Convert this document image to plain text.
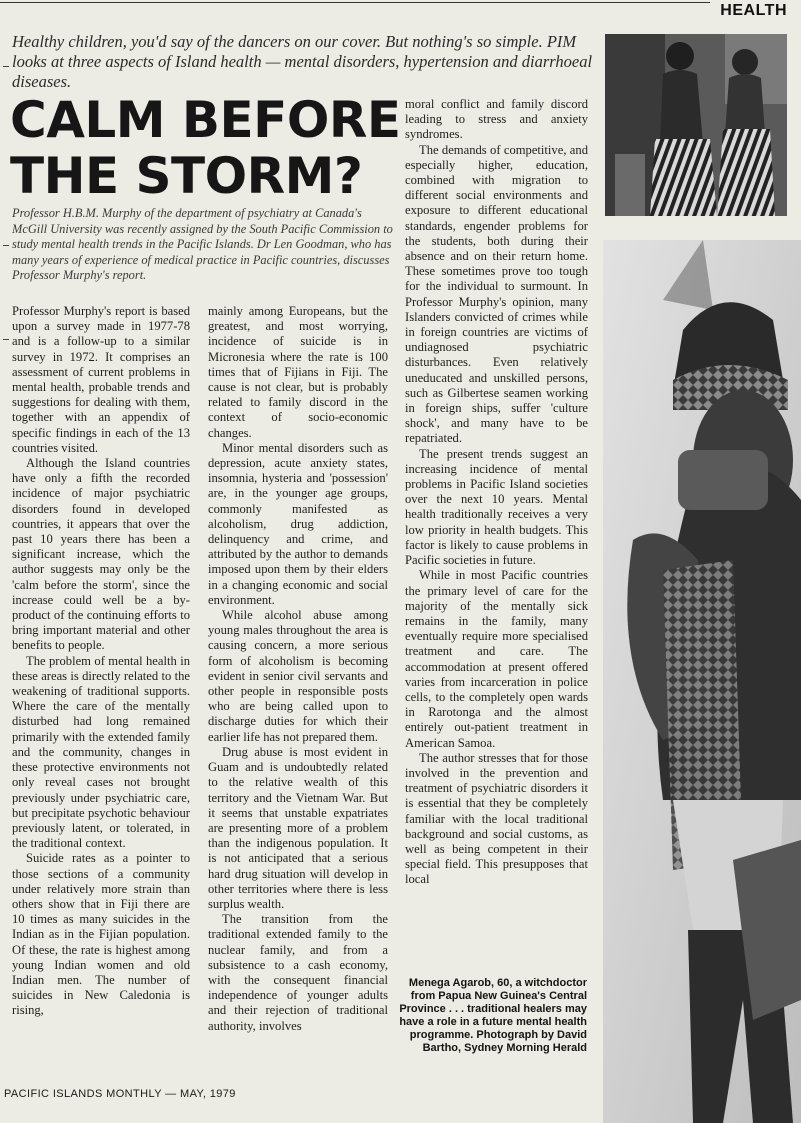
HEALTH
Healthy children, you'd say of the dancers on our cover. But nothing's so simple. PIM looks at three aspects of Island health — mental disorders, hypertension and diarrhoeal diseases.
CALM BEFORE
THE STORM?
Professor H.B.M. Murphy of the department of psychiatry at Canada's McGill University was recently assigned by the South Pacific Commission to study mental health trends in the Pacific Islands. Dr Len Goodman, who has many years of experience of medical practice in Pacific countries, discusses Professor Murphy's report.

Professor Murphy's report is based upon a survey made in 1977-78 and is a follow-up to a similar survey in 1972. It comprises an assessment of current problems in mental health, probable trends and suggestions for dealing with them, together with an appendix of specific findings in each of the 13 countries visited.

Although the Island countries have only a fifth the recorded incidence of major psychiatric disorders found in developed countries, it appears that over the past 10 years there has been a significant increase, which the author suggests may only be the 'calm before the storm', since the increase could well be a by-product of the continuing efforts to bring important material and other benefits to people.

The problem of mental health in these areas is directly related to the weakening of traditional supports. Where the care of the mentally disturbed had long remained primarily with the extended family and the community, changes in these protective environments not only reveal cases not brought previously under psychiatric care, but precipitate psychotic behaviour previously latent, or tolerated, in the traditional context.

Suicide rates as a pointer to those sections of a community under relatively more strain than others show that in Fiji there are 10 times as many suicides in the Indian as in the Fijian population. Of these, the rate is highest among young Indian women and old Indian men. The number of suicides in New Caledonia is rising,

mainly among Europeans, but the greatest, and most worrying, incidence of suicide is in Micronesia where the rate is 100 times that of Fijians in Fiji. The cause is not clear, but is probably related to family discord in the context of socio-economic changes.

Minor mental disorders such as depression, acute anxiety states, insomnia, hysteria and 'possession' are, in the younger age groups, commonly manifested as alcoholism, drug addiction, delinquency and crime, and attributed by the author to demands imposed upon them by their elders in a changing economic and social environment.

While alcohol abuse among young males throughout the area is causing concern, a more serious form of alcoholism is becoming evident in senior civil servants and other people in responsible posts who are being called upon to discharge duties for which their earlier life has not prepared them.

Drug abuse is most evident in Guam and is undoubtedly related to the relative wealth of this territory and the Vietnam War. But it seems that unstable expatriates are presenting more of a problem than the indigenous population. It is not anticipated that a serious hard drug situation will develop in other territories where there is less surplus wealth.

The transition from the traditional extended family to the nuclear family, and from a subsistence to a cash economy, with the consequent financial independence of younger adults and their rejection of traditional authority, involves

moral conflict and family discord leading to stress and anxiety syndromes.

The demands of competitive, and especially higher, education, combined with migration to different social environments and exposure to different educational standards, engender problems for the students, both during their absence and on their return home. These sometimes prove too tough for the individual to surmount. In Professor Murphy's opinion, many Islanders convicted of crimes while in foreign countries are victims of undiagnosed psychiatric disturbances. Even relatively uneducated and unskilled persons, such as Gilbertese seamen working in foreign ships, suffer 'culture shock', and many have to be repatriated.

The present trends suggest an increasing incidence of mental problems in Pacific Island societies over the next 10 years. Mental health traditionally receives a very low priority in health budgets. This factor is likely to cause problems in Pacific societies in future.

While in most Pacific countries the primary level of care for the majority of the mentally sick remains in the family, many eventually require more specialised treatment and care. The accommodation at present offered varies from incarceration in police cells, to the completely open wards in Rarotonga and the almost entirely out-patient treatment in American Samoa.

The author stresses that for those involved in the prevention and treatment of psychiatric disorders it is essential that they be completely familiar with the local traditional background and social customs, as well as being competent in their special field. This presupposes that local

Menega Agarob, 60, a witchdoctor from Papua New Guinea's Central Province . . . traditional healers may have a role in a future mental health programme. Photograph by David Bartho, Sydney Morning Herald
PACIFIC ISLANDS MONTHLY — MAY, 1979
